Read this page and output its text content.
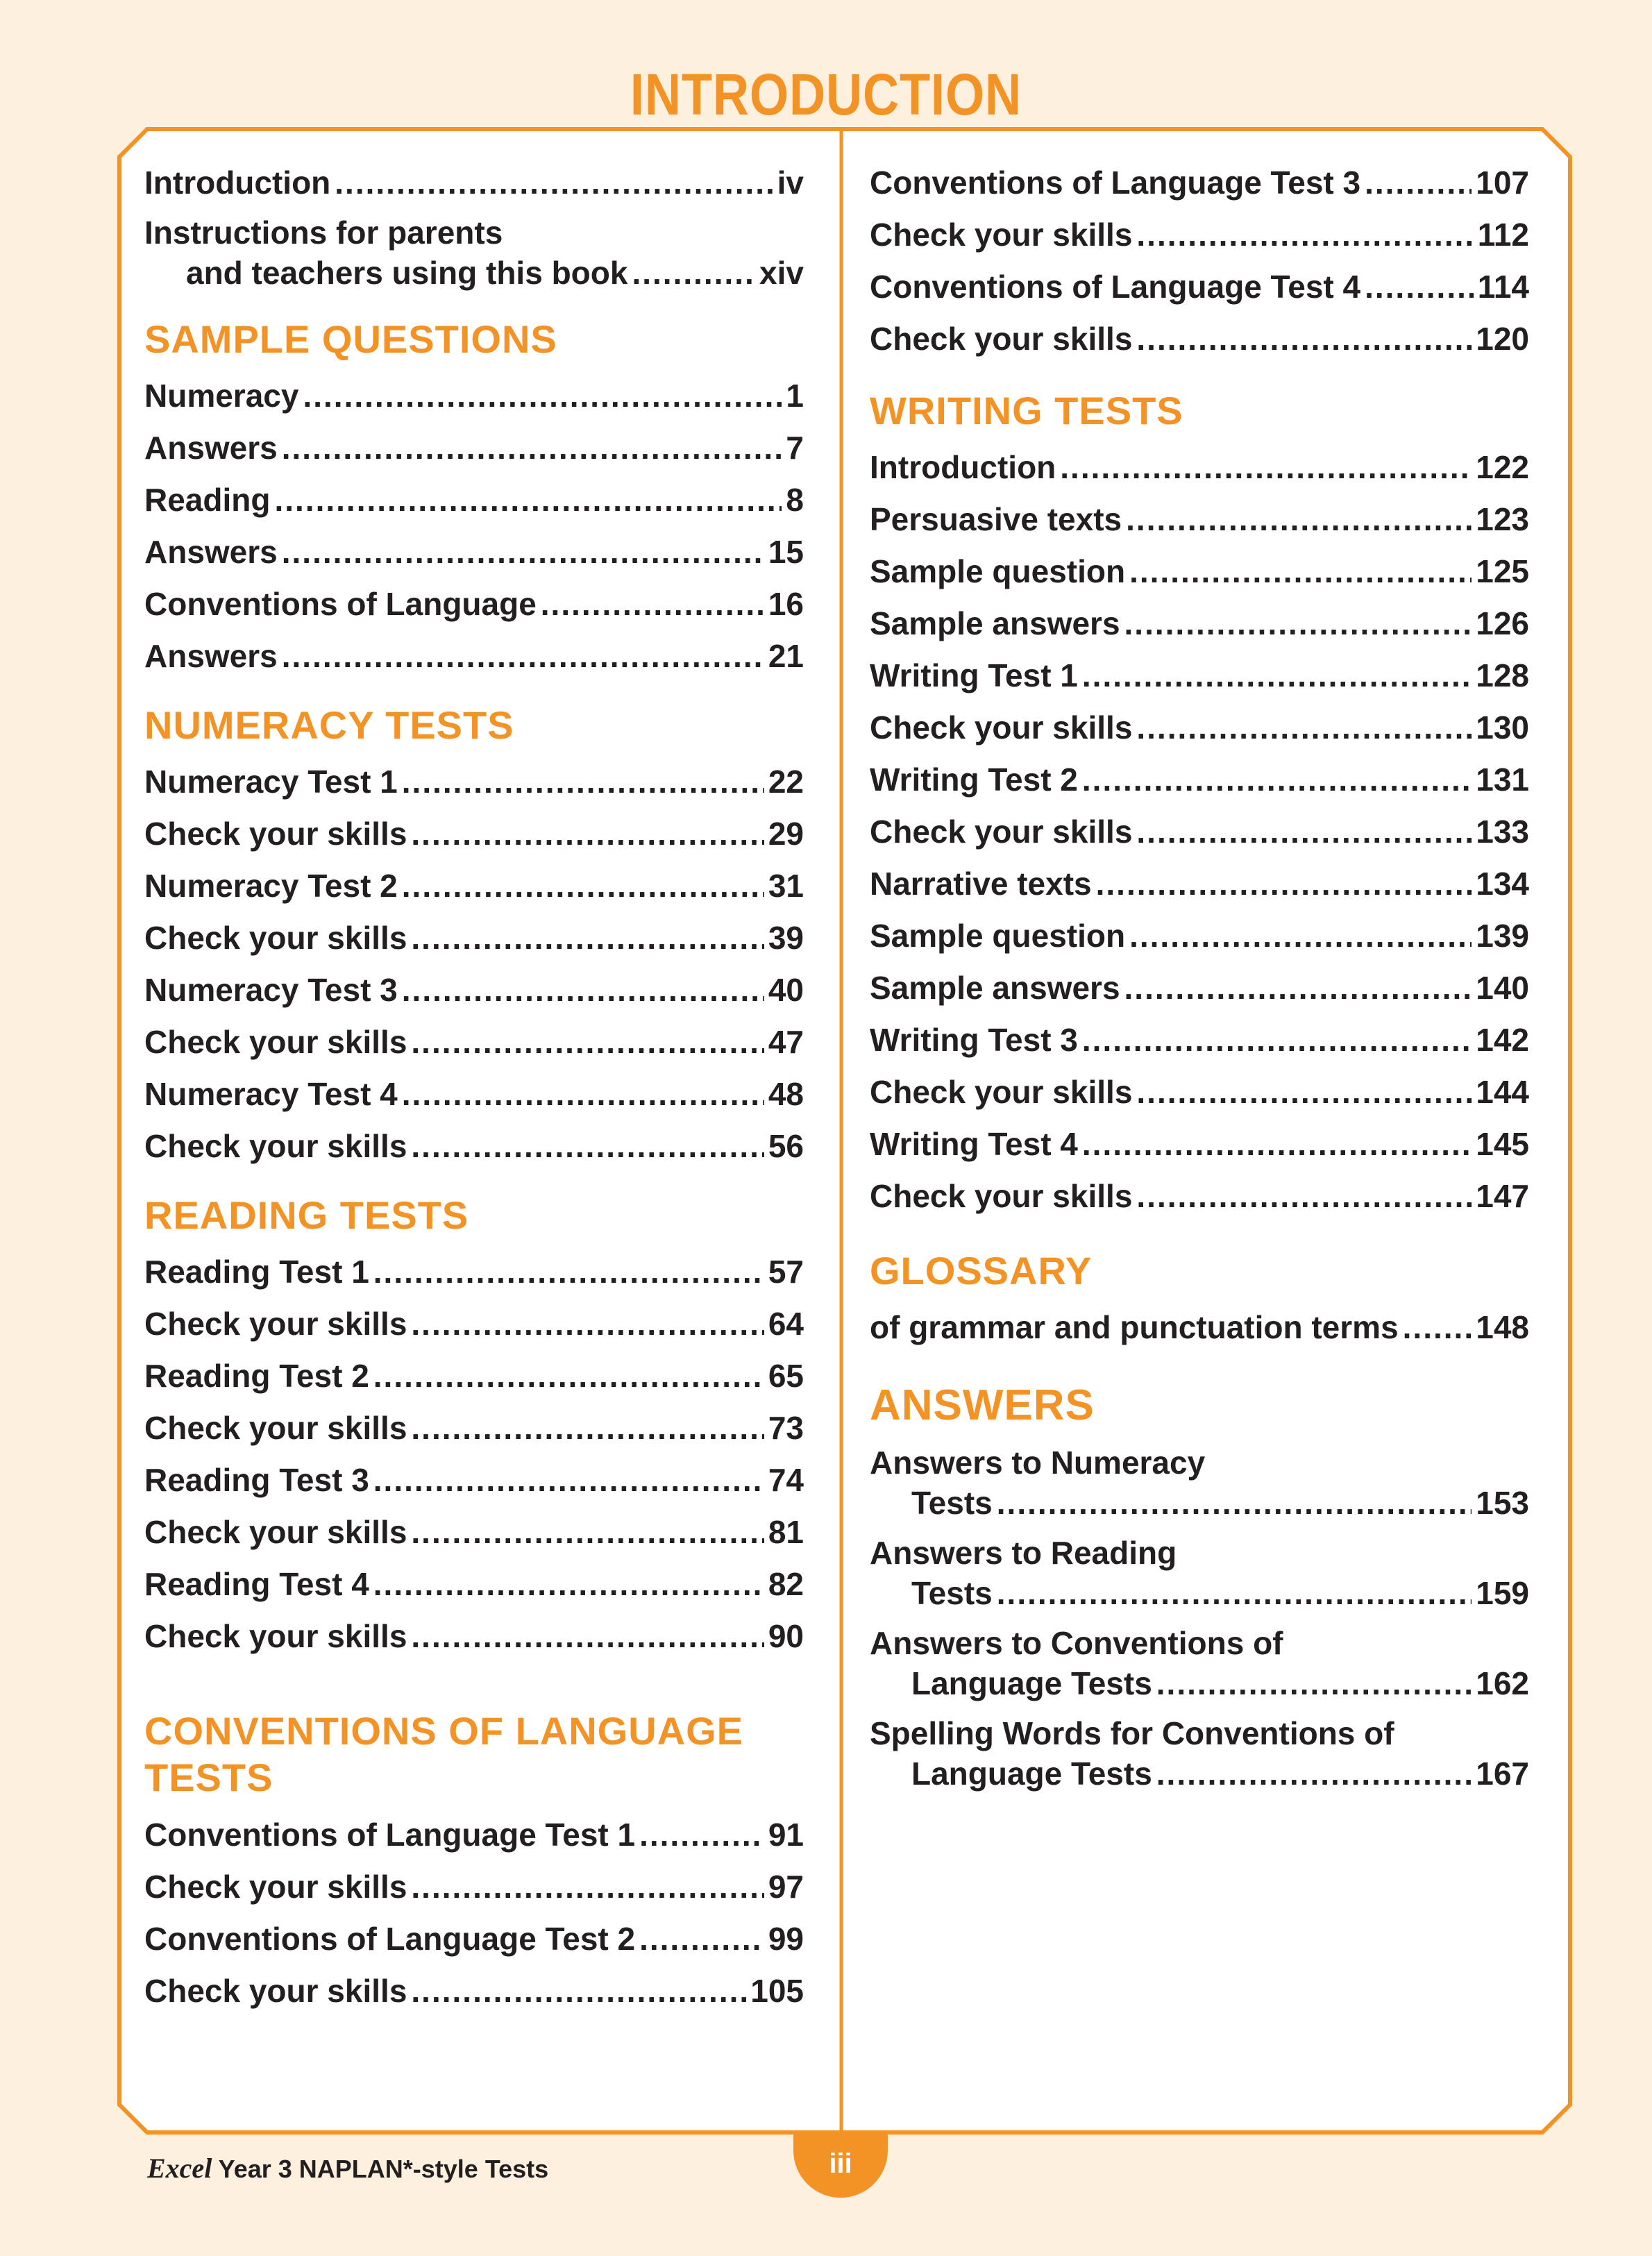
INTRODUCTION
Introduction .....	iv
Instructions for parents
and teachers using this book .....	xiv
SAMPLE QUESTIONS
Numeracy .....	1
Answers .....	7
Reading .....	8
Answers .....	15
Conventions of Language .....	16
Answers .....	21
NUMERACY TESTS
Numeracy Test 1 .....	22
Check your skills .....	29
Numeracy Test 2 .....	31
Check your skills .....	39
Numeracy Test 3 .....	40
Check your skills .....	47
Numeracy Test 4 .....	48
Check your skills .....	56
READING TESTS
Reading Test 1 .....	57
Check your skills .....	64
Reading Test 2 .....	65
Check your skills .....	73
Reading Test 3 .....	74
Check your skills .....	81
Reading Test 4 .....	82
Check your skills .....	90
CONVENTIONS OF LANGUAGE
TESTS
Conventions of Language Test 1 .....	91
Check your skills .....	97
Conventions of Language Test 2 .....	99
Check your skills .....	105
Conventions of Language Test 3 .....	107
Check your skills .....	112
Conventions of Language Test 4 .....	114
Check your skills .....	120
WRITING TESTS
Introduction .....	122
Persuasive texts .....	123
Sample question .....	125
Sample answers .....	126
Writing Test 1 .....	128
Check your skills .....	130
Writing Test 2 .....	131
Check your skills .....	133
Narrative texts .....	134
Sample question .....	139
Sample answers .....	140
Writing Test 3 .....	142
Check your skills .....	144
Writing Test 4 .....	145
Check your skills .....	147
GLOSSARY
of grammar and punctuation terms ..... 148
ANSWERS
Answers to Numeracy
Tests .....	153
Answers to Reading
Tests .....	159
Answers to Conventions of
Language Tests .....	162
Spelling Words for Conventions of
Language Tests .....	167
iii
Excel Year 3 NAPLAN*-style Tests
